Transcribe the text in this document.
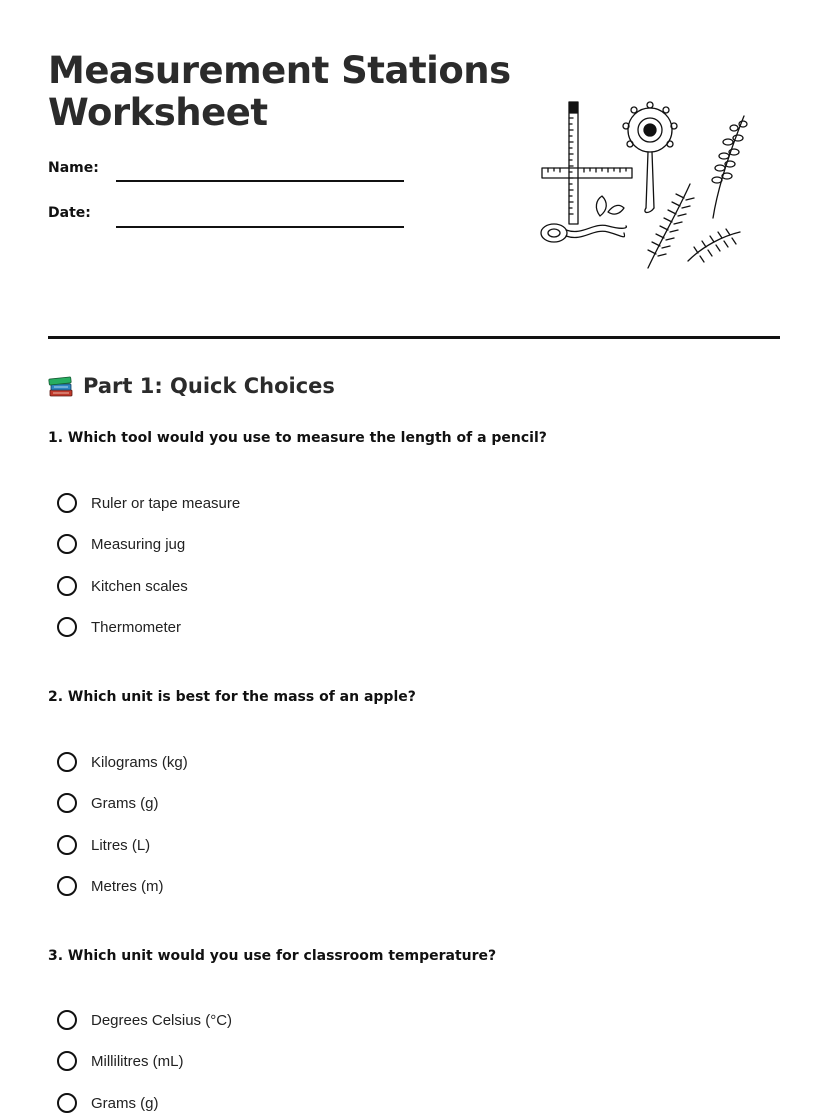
Measurement Stations Worksheet
Name:
Date:
Part 1: Quick Choices
1. Which tool would you use to measure the length of a pencil?
Ruler or tape measure
Measuring jug
Kitchen scales
Thermometer
2. Which unit is best for the mass of an apple?
Kilograms (kg)
Grams (g)
Litres (L)
Metres (m)
3. Which unit would you use for classroom temperature?
Degrees Celsius (°C)
Millilitres (mL)
Grams (g)
